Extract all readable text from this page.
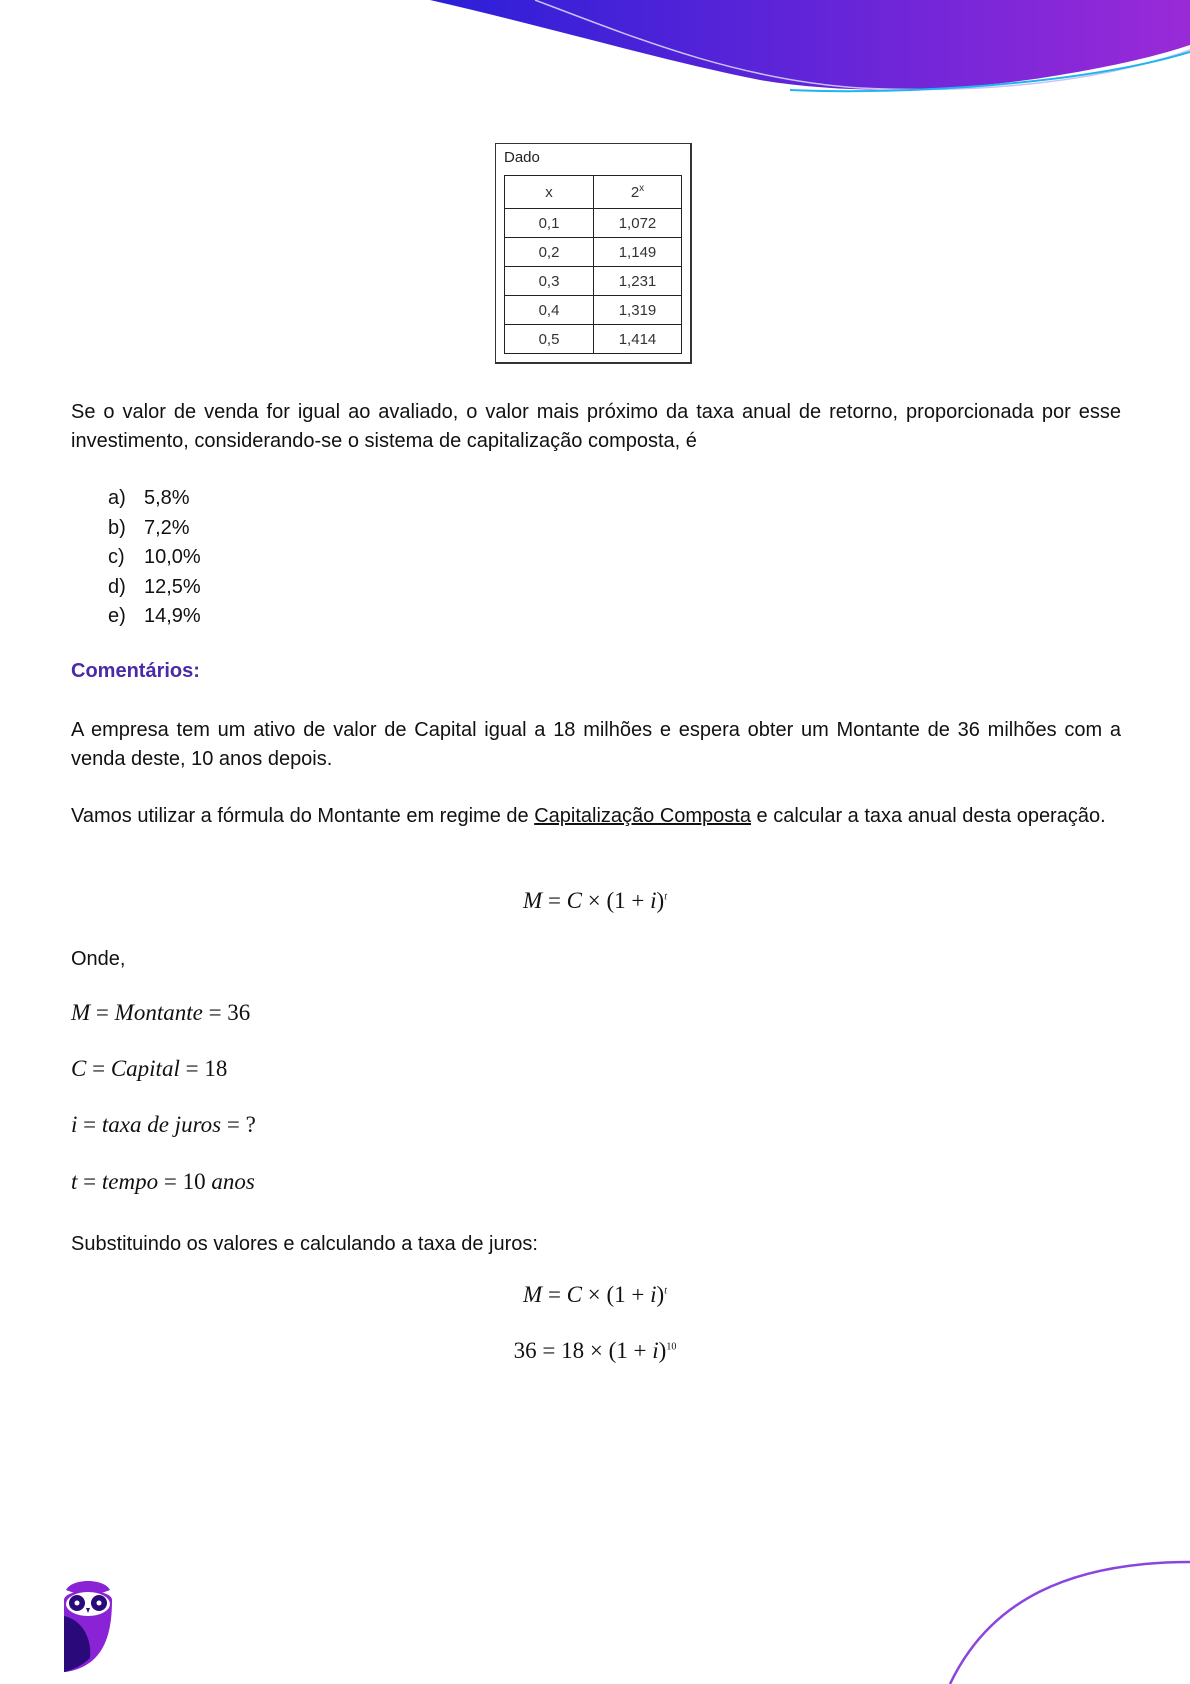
Dado
x	2$^x$
0,1	1,072
0,2	1,149
0,3	1,231
0,4	1,319
0,5	1,414
Se o valor de venda for igual ao avaliado, o valor mais próximo da taxa anual de retorno, proporcionada por esse investimento, considerando-se o sistema de capitalização composta, é
a) 5,8%
b) 7,2%
c) 10,0%
d) 12,5%
e) 14,9%
Comentários:
A empresa tem um ativo de valor de Capital igual a 18 milhões e espera obter um Montante de 36 milhões com a venda deste, 10 anos depois.
Vamos utilizar a fórmula do Montante em regime de Capitalização Composta e calcular a taxa anual desta operação.
$M = C \times (1 + i)^t$
Onde,
M = Montante = 36
C = Capital = 18
i = taxa de juros = ?
t = tempo = 10 anos
Substituindo os valores e calculando a taxa de juros:
$M = C \times (1 + i)^t$
$36 = 18 \times (1 + i)^{10}$
